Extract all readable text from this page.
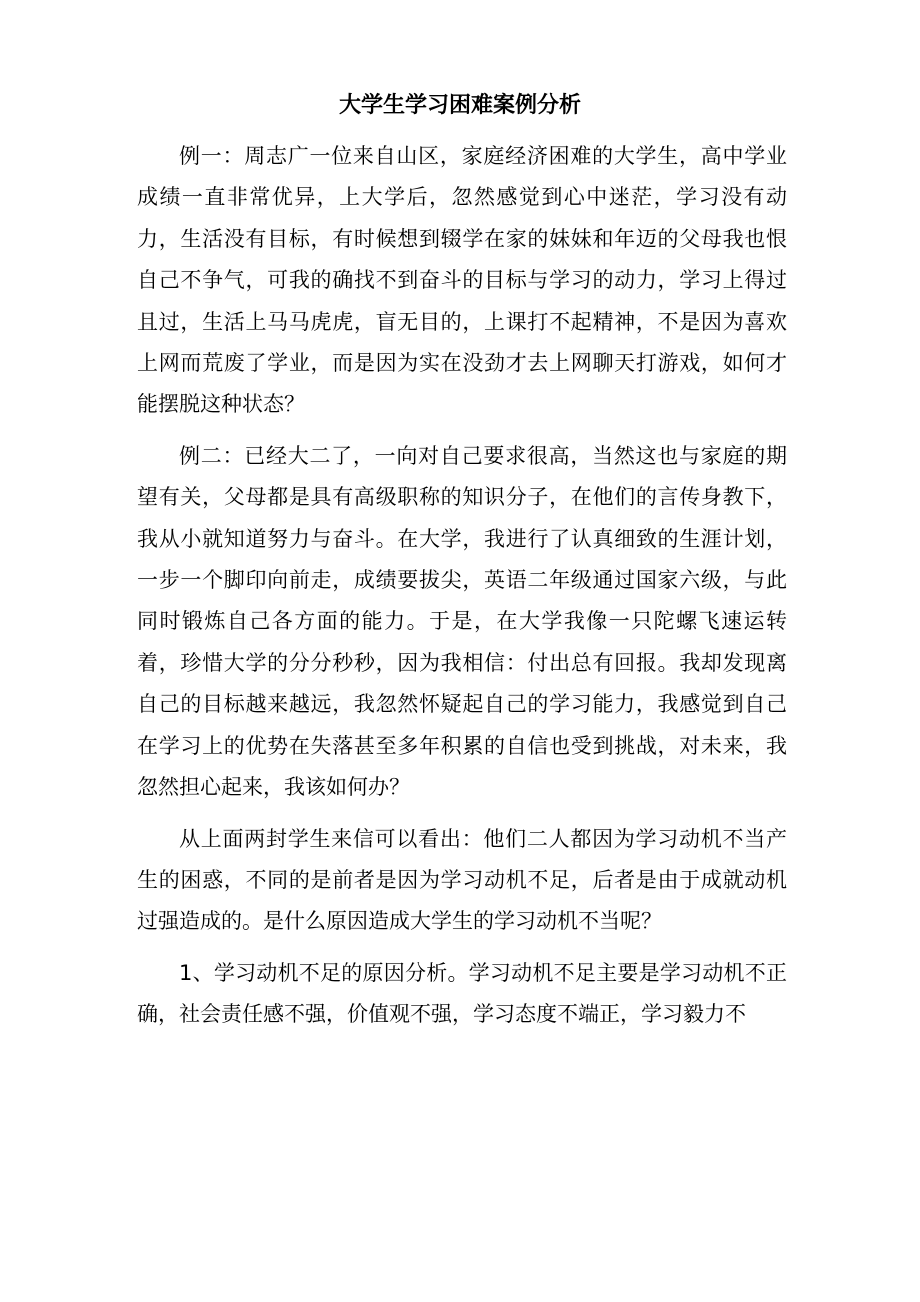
大学生学习困难案例分析

例一：周志广一位来自山区，家庭经济困难的大学生，高中学业成绩一直非常优异，上大学后，忽然感觉到心中迷茫，学习没有动力，生活没有目标，有时候想到辍学在家的妹妹和年迈的父母我也恨自己不争气，可我的确找不到奋斗的目标与学习的动力，学习上得过且过，生活上马马虎虎，盲无目的，上课打不起精神，不是因为喜欢上网而荒废了学业，而是因为实在没劲才去上网聊天打游戏，如何才能摆脱这种状态？

例二：已经大二了，一向对自己要求很高，当然这也与家庭的期望有关，父母都是具有高级职称的知识分子，在他们的言传身教下，我从小就知道努力与奋斗。在大学，我进行了认真细致的生涯计划，一步一个脚印向前走，成绩要拔尖，英语二年级通过国家六级，与此同时锻炼自己各方面的能力。于是，在大学我像一只陀螺飞速运转着，珍惜大学的分分秒秒，因为我相信：付出总有回报。我却发现离自己的目标越来越远，我忽然怀疑起自己的学习能力，我感觉到自己在学习上的优势在失落甚至多年积累的自信也受到挑战，对未来，我忽然担心起来，我该如何办？

从上面两封学生来信可以看出：他们二人都因为学习动机不当产生的困惑，不同的是前者是因为学习动机不足，后者是由于成就动机过强造成的。是什么原因造成大学生的学习动机不当呢？

1、学习动机不足的原因分析。学习动机不足主要是学习动机不正确，社会责任感不强，价值观不强，学习态度不端正，学习毅力不
